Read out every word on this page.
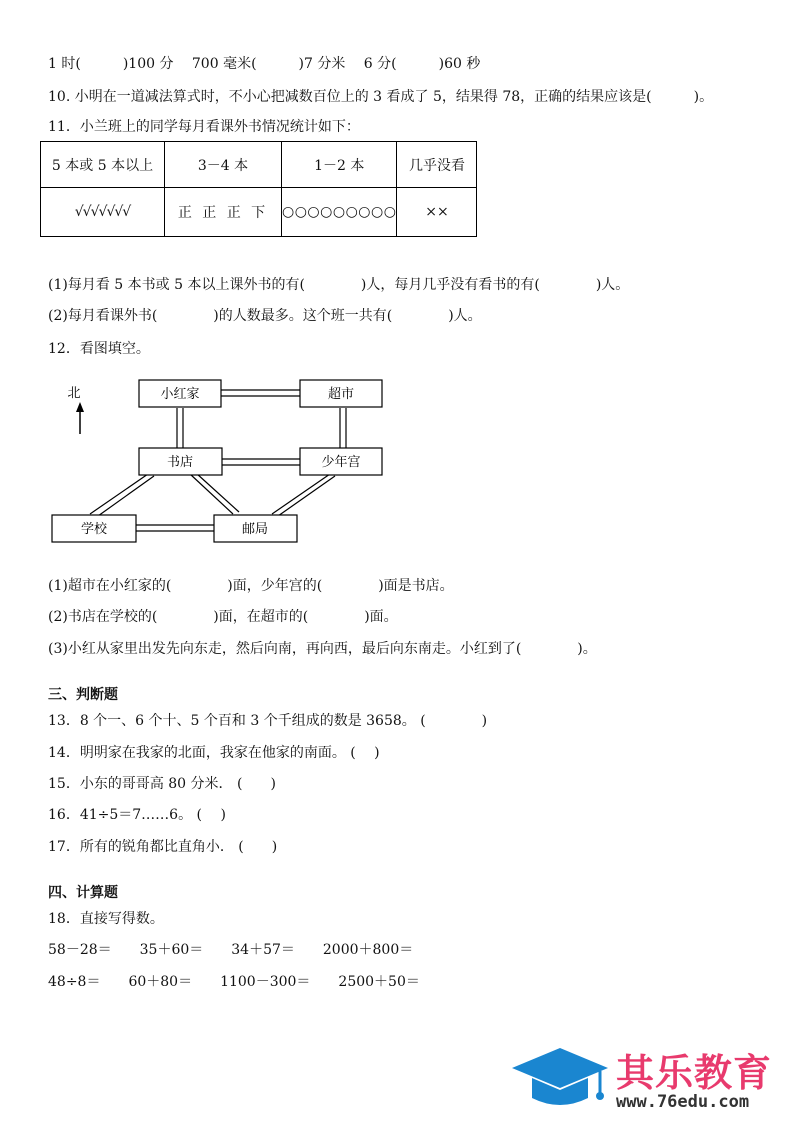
1 时(　　　)100 分　 700 毫米(　　　)7 分米　 6 分(　　　)60 秒
10. 小明在一道减法算式时，不小心把减数百位上的 3 看成了 5，结果得 78，正确的结果应该是(　　　)。
11．小兰班上的同学每月看课外书情况统计如下：
5 本或 5 本以上	3－4 本	1－2 本	几乎没看
√√√√√√√	正 正 正 下	○○○○○○○○○	××
(1)每月看 5 本书或 5 本以上课外书的有(　　　　)人，每月几乎没有看书的有(　　　　)人。
(2)每月看课外书(　　　　)的人数最多。这个班一共有(　　　　)人。
12．看图填空。
北	小红家	超市
书店	少年宫
学校	邮局
(1)超市在小红家的(　　　　)面，少年宫的(　　　　)面是书店。
(2)书店在学校的(　　　　)面，在超市的(　　　　)面。
(3)小红从家里出发先向东走，然后向南，再向西，最后向东南走。小红到了(　　　　)。
三、判断题
13．8 个一、6 个十、5 个百和 3 个千组成的数是 3658。 (　　　　)
14．明明家在我家的北面，我家在他家的南面。 (　 )
15．小东的哥哥高 80 分米． (　　)
16．41÷5＝7……6。 (　 )
17．所有的锐角都比直角小． (　　)
四、计算题
18．直接写得数。
58－28＝　　35＋60＝　　34＋57＝　　2000＋800＝
48÷8＝　　60＋80＝　　1100－300＝　　2500＋50＝
其乐教育
www.76edu.com
